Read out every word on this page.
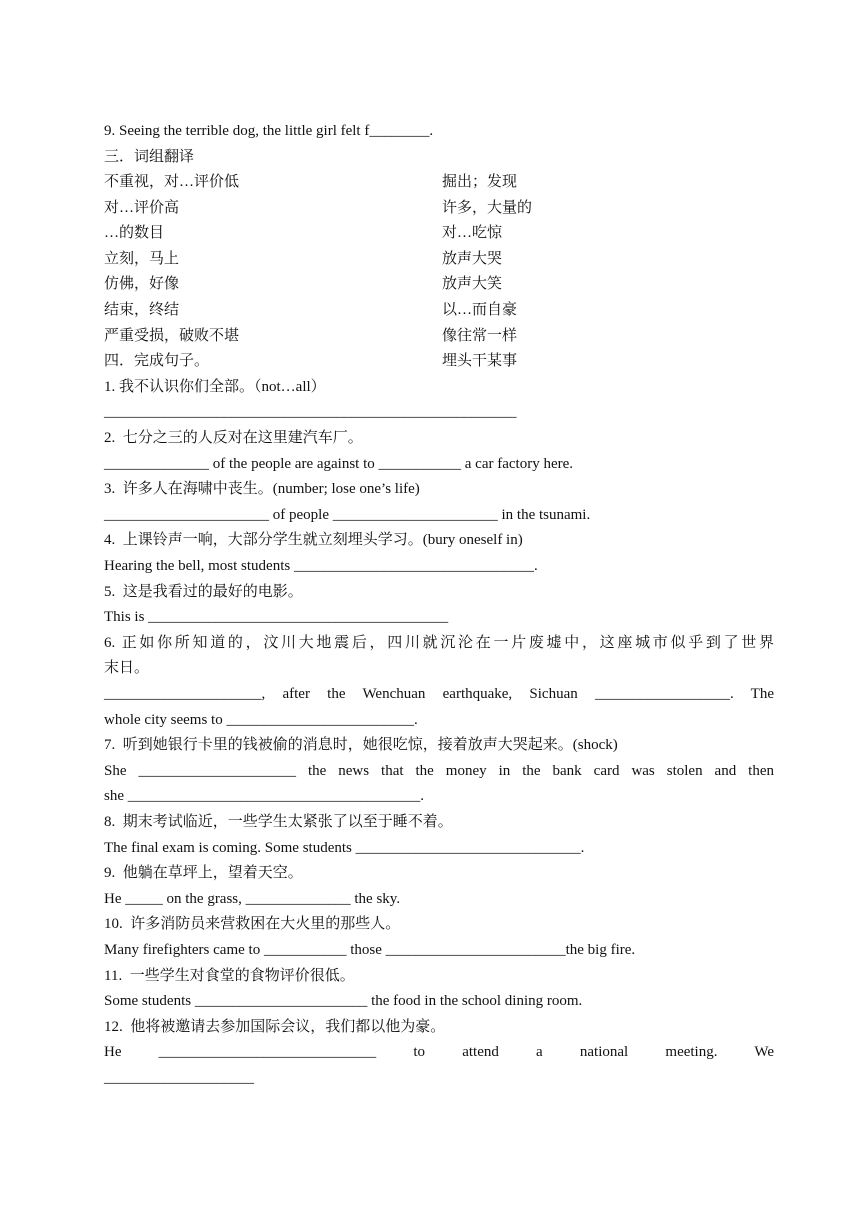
9. Seeing the terrible dog, the little girl felt f________.
三．词组翻译
不重视，对…评价低
对…评价高
…的数目
立刻，马上
仿佛，好像
结束，终结
严重受损，破败不堪
四．完成句子。
掘出；发现
许多，大量的
对…吃惊
放声大哭
放声大笑
以…而自豪
像往常一样
埋头干某事
1. 我不认识你们全部。（not…all）
_______________________________________________________
2.  七分之三的人反对在这里建汽车厂。
______________ of the people are against to ___________ a car factory here.
3.  许多人在海啸中丧生。(number; lose one’s life)
______________________ of people ______________________ in the tsunami.
4.  上课铃声一响，大部分学生就立刻埋头学习。(bury oneself in)
Hearing the bell, most students ________________________________.
5.  这是我看过的最好的电影。
This is ________________________________________
6. 正如你所知道的，汶川大地震后，四川就沉沦在一片废墟中，这座城市似乎到了世界
末日。
_____________________, after the Wenchuan earthquake, Sichuan __________________. The
whole city seems to _________________________.
7.  听到她银行卡里的钱被偷的消息时，她很吃惊，接着放声大哭起来。(shock)
She _____________________ the news that the money in the bank card was stolen and then
she _______________________________________.
8.  期末考试临近，一些学生太紧张了以至于睡不着。
The final exam is coming. Some students ______________________________.
9.  他躺在草坪上，望着天空。
He _____ on the grass, ______________ the sky.
10.  许多消防员来营救困在大火里的那些人。
Many firefighters came to ___________ those ________________________the big fire.
11.  一些学生对食堂的食物评价很低。
Some students _______________________ the food in the school dining room.
12.  他将被邀请去参加国际会议，我们都以他为豪。
He _____________________________ to attend a national meeting. We
____________________
